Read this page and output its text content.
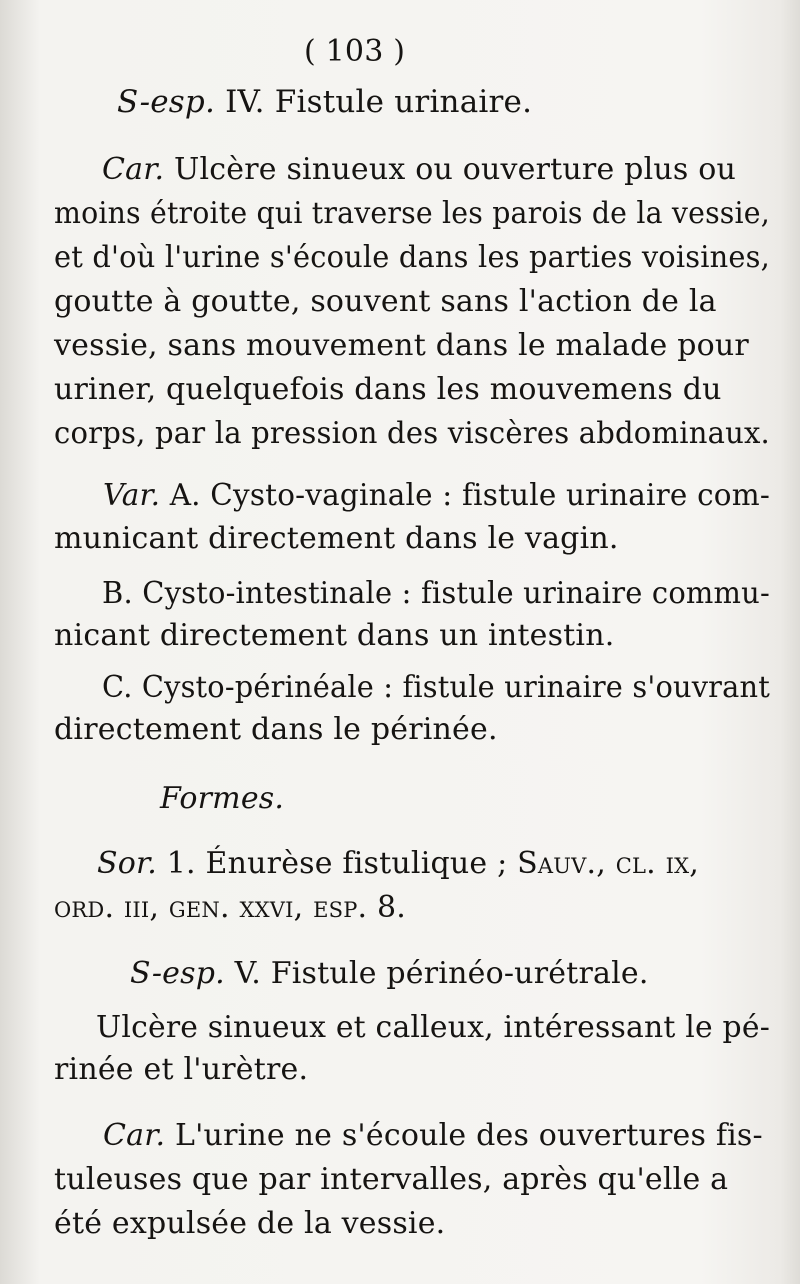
( 103 )
S-esp. IV. Fistule urinaire.
Car. Ulcère sinueux ou ouverture plus ou
moins étroite qui traverse les parois de la vessie,
et d'où l'urine s'écoule dans les parties voisines,
goutte à goutte, souvent sans l'action de la
vessie, sans mouvement dans le malade pour
uriner, quelquefois dans les mouvemens du
corps, par la pression des viscères abdominaux.
Var. A. Cysto-vaginale : fistule urinaire com-
municant directement dans le vagin.
B. Cysto-intestinale : fistule urinaire commu-
nicant directement dans un intestin.
C. Cysto-périnéale : fistule urinaire s'ouvrant
directement dans le périnée.
Formes.
Sor. 1. Énurèse fistulique ; Sauv., cl. ix,
ord. iii, gen. xxvi, esp. 8.
S-esp. V. Fistule périnéo-urétrale.
Ulcère sinueux et calleux, intéressant le pé-
rinée et l'urètre.
Car. L'urine ne s'écoule des ouvertures fis-
tuleuses que par intervalles, après qu'elle a
été expulsée de la vessie.
